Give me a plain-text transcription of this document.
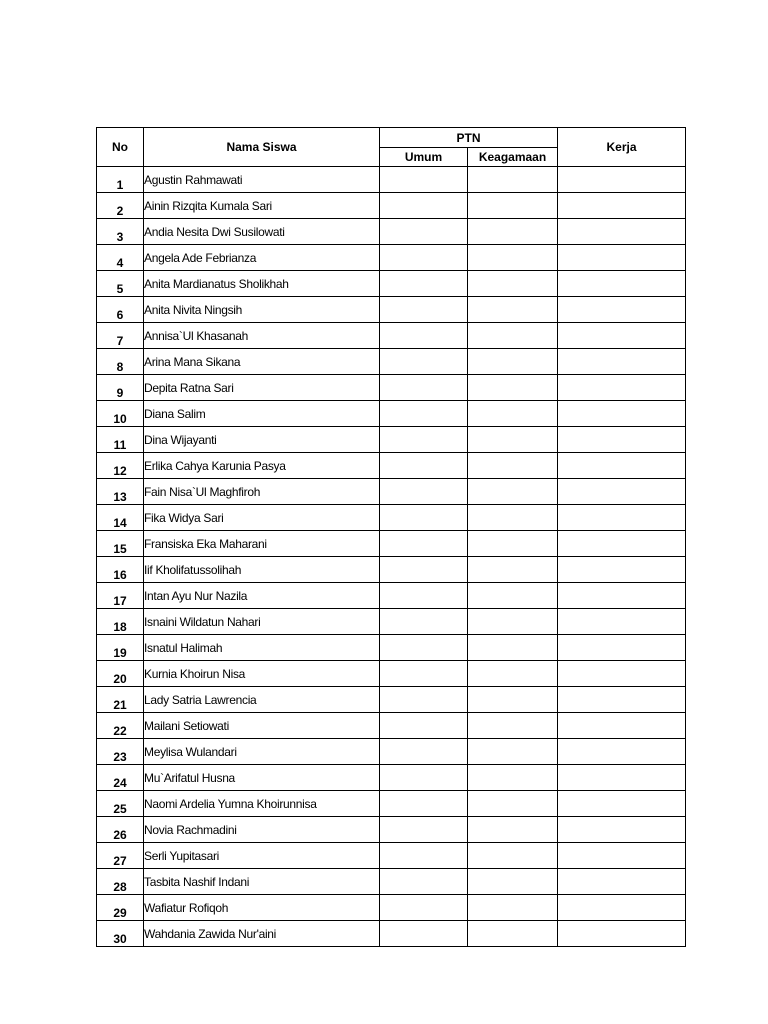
No	Nama Siswa	PTN		Kerja
		Umum	Keagamaan	
1	Agustin Rahmawati			
2	Ainin Rizqita Kumala Sari			
3	Andia Nesita Dwi Susilowati			
4	Angela Ade Febrianza			
5	Anita Mardianatus Sholikhah			
6	Anita Nivita Ningsih			
7	Annisa`Ul Khasanah			
8	Arina Mana Sikana			
9	Depita Ratna Sari			
10	Diana Salim			
11	Dina Wijayanti			
12	Erlika Cahya Karunia Pasya			
13	Fain Nisa`Ul Maghfiroh			
14	Fika Widya Sari			
15	Fransiska Eka Maharani			
16	Iif Kholifatussolihah			
17	Intan Ayu Nur Nazila			
18	Isnaini Wildatun Nahari			
19	Isnatul Halimah			
20	Kurnia Khoirun Nisa			
21	Lady Satria Lawrencia			
22	Mailani Setiowati			
23	Meylisa Wulandari			
24	Mu`Arifatul Husna			
25	Naomi Ardelia Yumna Khoirunnisa			
26	Novia Rachmadini			
27	Serli Yupitasari			
28	Tasbita Nashif Indani			
29	Wafiatur Rofiqoh			
30	Wahdania Zawida Nur'aini			
